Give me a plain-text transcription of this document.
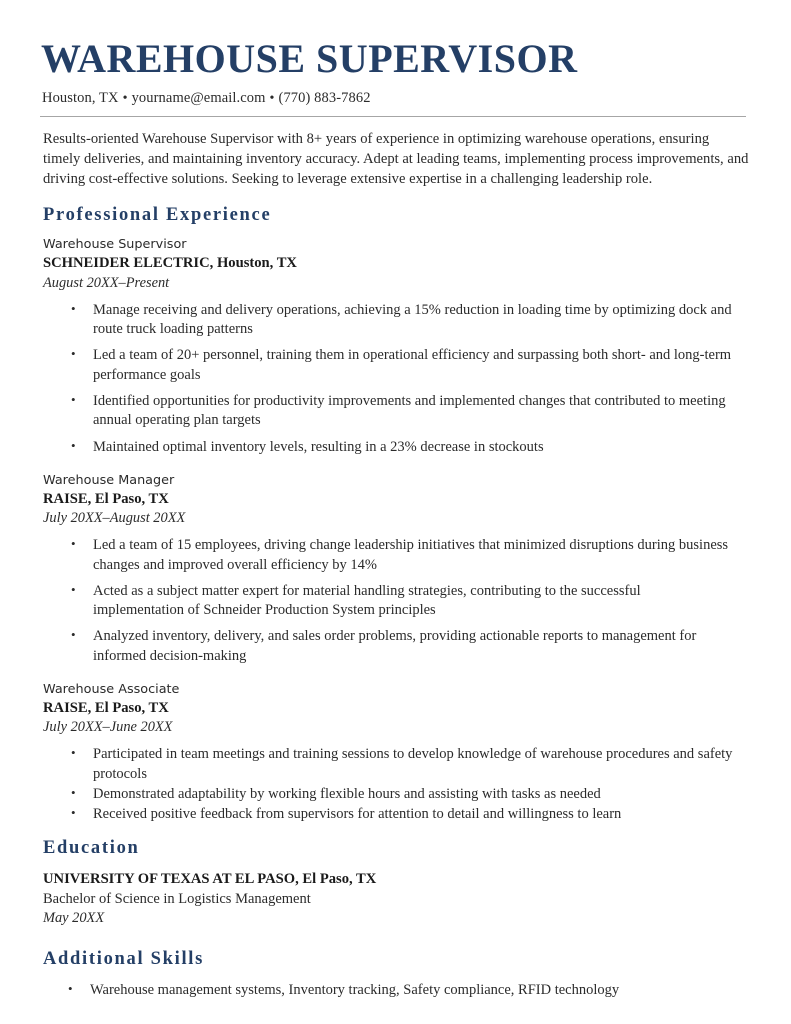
WAREHOUSE SUPERVISOR
Houston, TX • yourname@email.com • (770) 883-7862

Results-oriented Warehouse Supervisor with 8+ years of experience in optimizing warehouse operations, ensuring timely deliveries, and maintaining inventory accuracy. Adept at leading teams, implementing process improvements, and driving cost-effective solutions. Seeking to leverage extensive expertise in a challenging leadership role.

Professional Experience
Warehouse Supervisor
SCHNEIDER ELECTRIC, Houston, TX
August 20XX–Present
• Manage receiving and delivery operations, achieving a 15% reduction in loading time by optimizing dock and route truck loading patterns
• Led a team of 20+ personnel, training them in operational efficiency and surpassing both short- and long-term performance goals
• Identified opportunities for productivity improvements and implemented changes that contributed to meeting annual operating plan targets
• Maintained optimal inventory levels, resulting in a 23% decrease in stockouts
Warehouse Manager
RAISE, El Paso, TX
July 20XX–August 20XX
• Led a team of 15 employees, driving change leadership initiatives that minimized disruptions during business changes and improved overall efficiency by 14%
• Acted as a subject matter expert for material handling strategies, contributing to the successful implementation of Schneider Production System principles
• Analyzed inventory, delivery, and sales order problems, providing actionable reports to management for informed decision-making
Warehouse Associate
RAISE, El Paso, TX
July 20XX–June 20XX
• Participated in team meetings and training sessions to develop knowledge of warehouse procedures and safety protocols
• Demonstrated adaptability by working flexible hours and assisting with tasks as needed
• Received positive feedback from supervisors for attention to detail and willingness to learn
Education
UNIVERSITY OF TEXAS AT EL PASO, El Paso, TX
Bachelor of Science in Logistics Management
May 20XX
Additional Skills
• Warehouse management systems, Inventory tracking, Safety compliance, RFID technology
